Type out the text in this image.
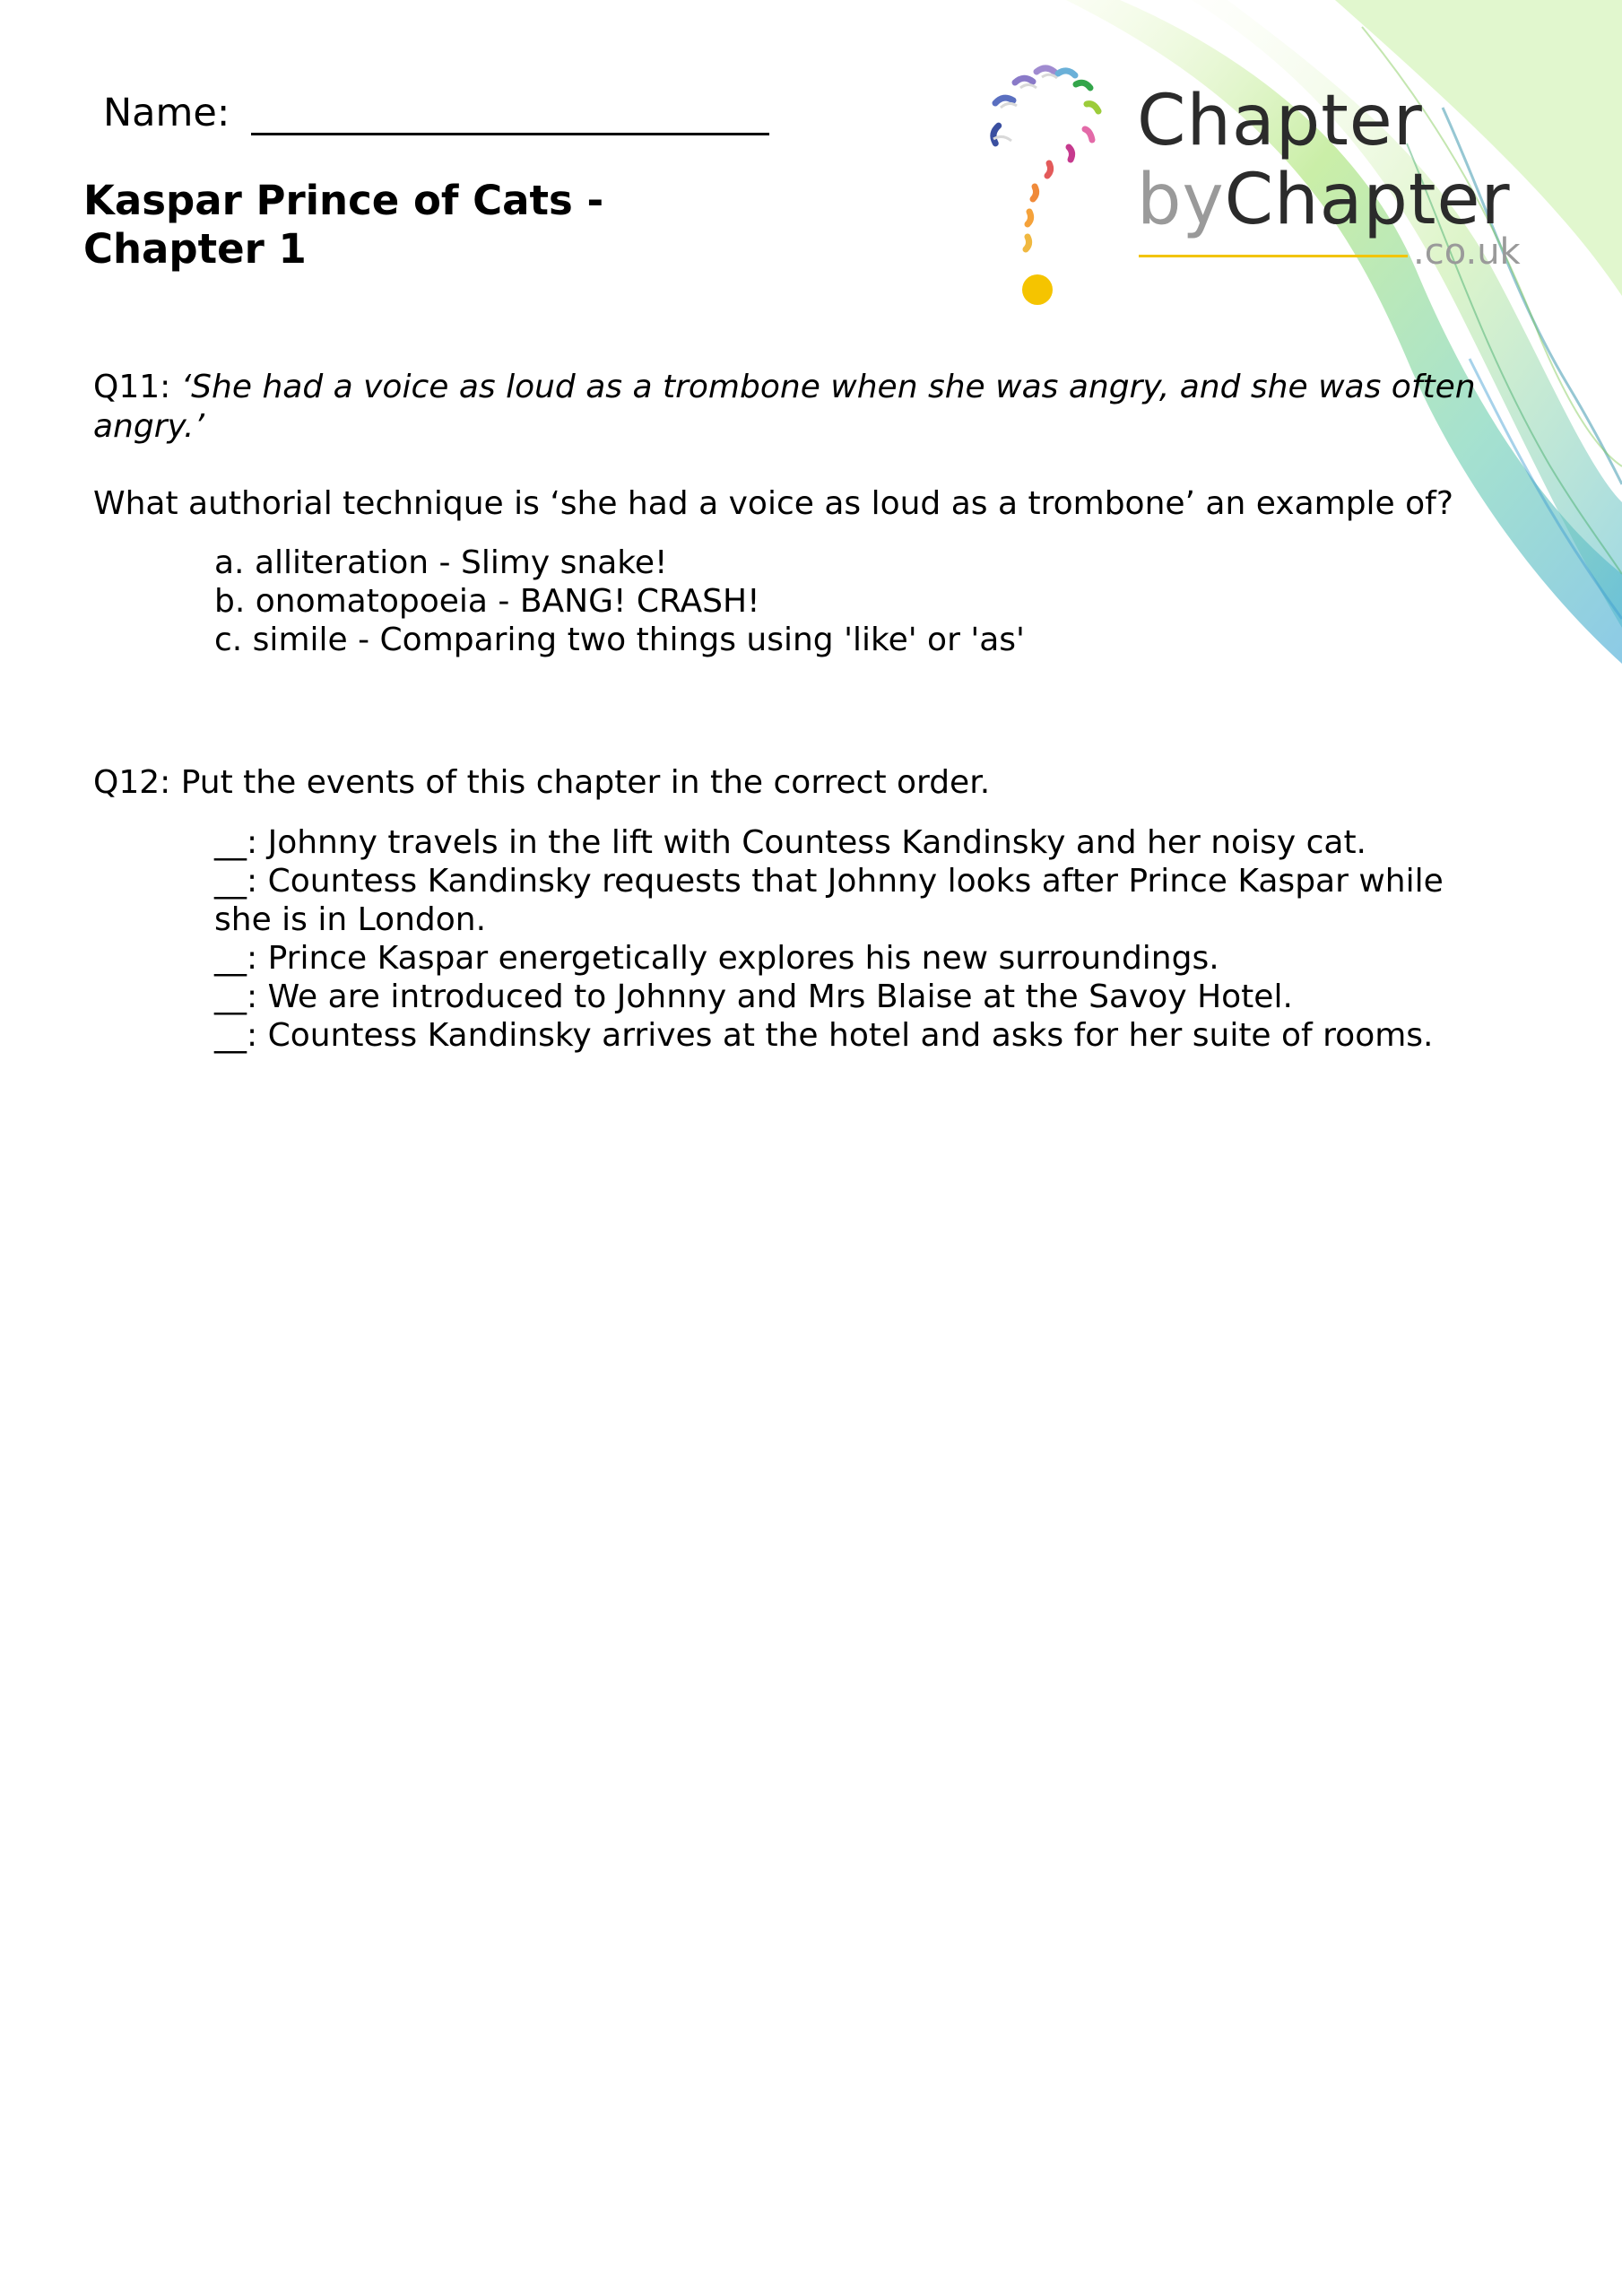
Name:
Kaspar Prince of Cats - Chapter 1
Chapter
byChapter
.co.uk
Q11: ‘She had a voice as loud as a trombone when she was angry, and she was often angry.’
What authorial technique is ‘she had a voice as loud as a trombone’ an example of?
a. alliteration - Slimy snake!
b. onomatopoeia - BANG! CRASH!
c. simile - Comparing two things using 'like' or 'as'
Q12: Put the events of this chapter in the correct order.
__: Johnny travels in the lift with Countess Kandinsky and her noisy cat.
__: Countess Kandinsky requests that Johnny looks after Prince Kaspar while she is in London.
__: Prince Kaspar energetically explores his new surroundings.
__: We are introduced to Johnny and Mrs Blaise at the Savoy Hotel.
__: Countess Kandinsky arrives at the hotel and asks for her suite of rooms.
